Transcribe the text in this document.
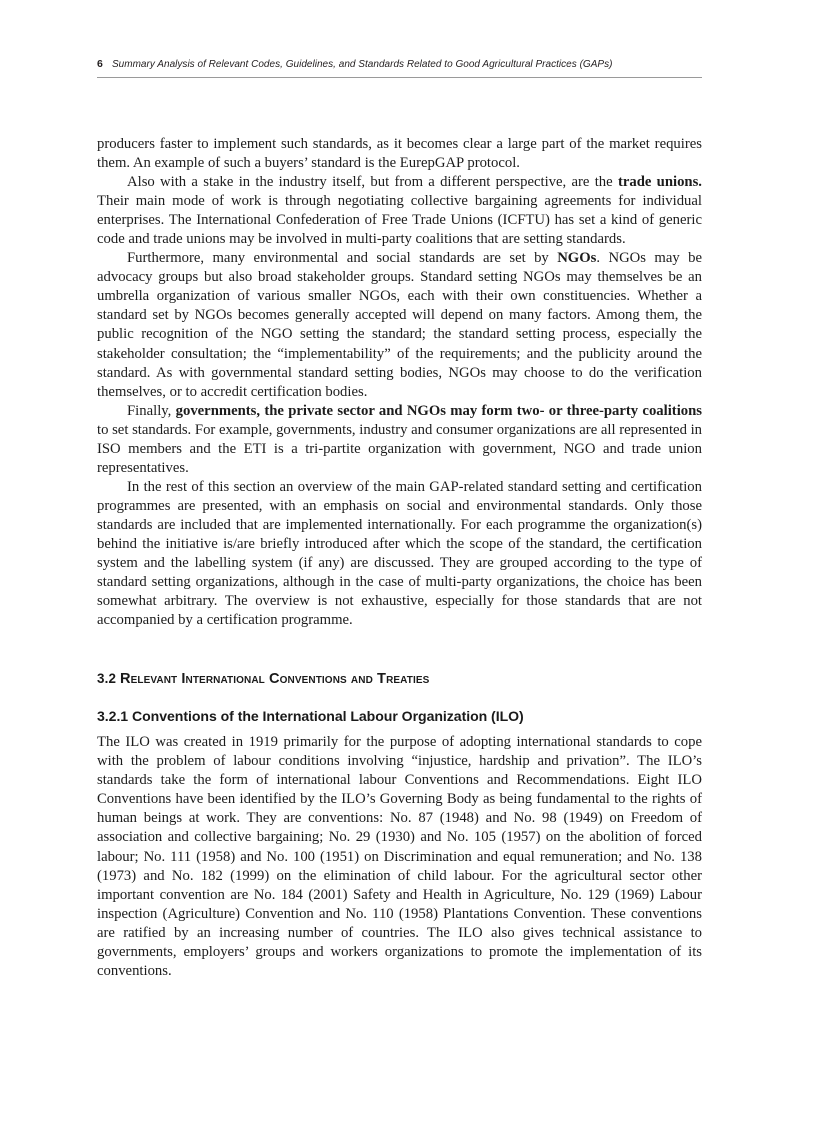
6 Summary Analysis of Relevant Codes, Guidelines, and Standards Related to Good Agricultural Practices (GAPs)

producers faster to implement such standards, as it becomes clear a large part of the market requires them. An example of such a buyers’ standard is the EurepGAP protocol.

Also with a stake in the industry itself, but from a different perspective, are the trade unions. Their main mode of work is through negotiating collective bargaining agreements for individual enterprises. The International Confederation of Free Trade Unions (ICFTU) has set a kind of generic code and trade unions may be involved in multi-party coalitions that are setting standards.

Furthermore, many environmental and social standards are set by NGOs. NGOs may be advocacy groups but also broad stakeholder groups. Standard setting NGOs may themselves be an umbrella organization of various smaller NGOs, each with their own constituencies. Whether a standard set by NGOs becomes generally accepted will depend on many factors. Among them, the public recognition of the NGO setting the standard; the standard setting process, especially the stakeholder consultation; the “implementability” of the requirements; and the publicity around the standard. As with governmental standard setting bodies, NGOs may choose to do the verification themselves, or to accredit certification bodies.

Finally, governments, the private sector and NGOs may form two- or three-party coalitions to set standards. For example, governments, industry and consumer organizations are all represented in ISO members and the ETI is a tri-partite organization with government, NGO and trade union representatives.

In the rest of this section an overview of the main GAP-related standard setting and certification programmes are presented, with an emphasis on social and environmental standards. Only those standards are included that are implemented internationally. For each programme the organization(s) behind the initiative is/are briefly introduced after which the scope of the standard, the certification system and the labelling system (if any) are discussed. They are grouped according to the type of standard setting organizations, although in the case of multi-party organizations, the choice has been somewhat arbitrary. The overview is not exhaustive, especially for those standards that are not accompanied by a certification programme.

3.2 Relevant International Conventions and Treaties
3.2.1 Conventions of the International Labour Organization (ILO)

The ILO was created in 1919 primarily for the purpose of adopting international standards to cope with the problem of labour conditions involving “injustice, hardship and privation”. The ILO’s standards take the form of international labour Conventions and Recommendations. Eight ILO Conventions have been identified by the ILO’s Governing Body as being fundamental to the rights of human beings at work. They are conventions: No. 87 (1948) and No. 98 (1949) on Freedom of association and collective bargaining; No. 29 (1930) and No. 105 (1957) on the abolition of forced labour; No. 111 (1958) and No. 100 (1951) on Discrimination and equal remuneration; and No. 138 (1973) and No. 182 (1999) on the elimination of child labour. For the agricultural sector other important convention are No. 184 (2001) Safety and Health in Agriculture, No. 129 (1969) Labour inspection (Agriculture) Convention and No. 110 (1958) Plantations Convention. These conventions are ratified by an increasing number of countries. The ILO also gives technical assistance to governments, employers’ groups and workers organizations to promote the implementation of its conventions.
